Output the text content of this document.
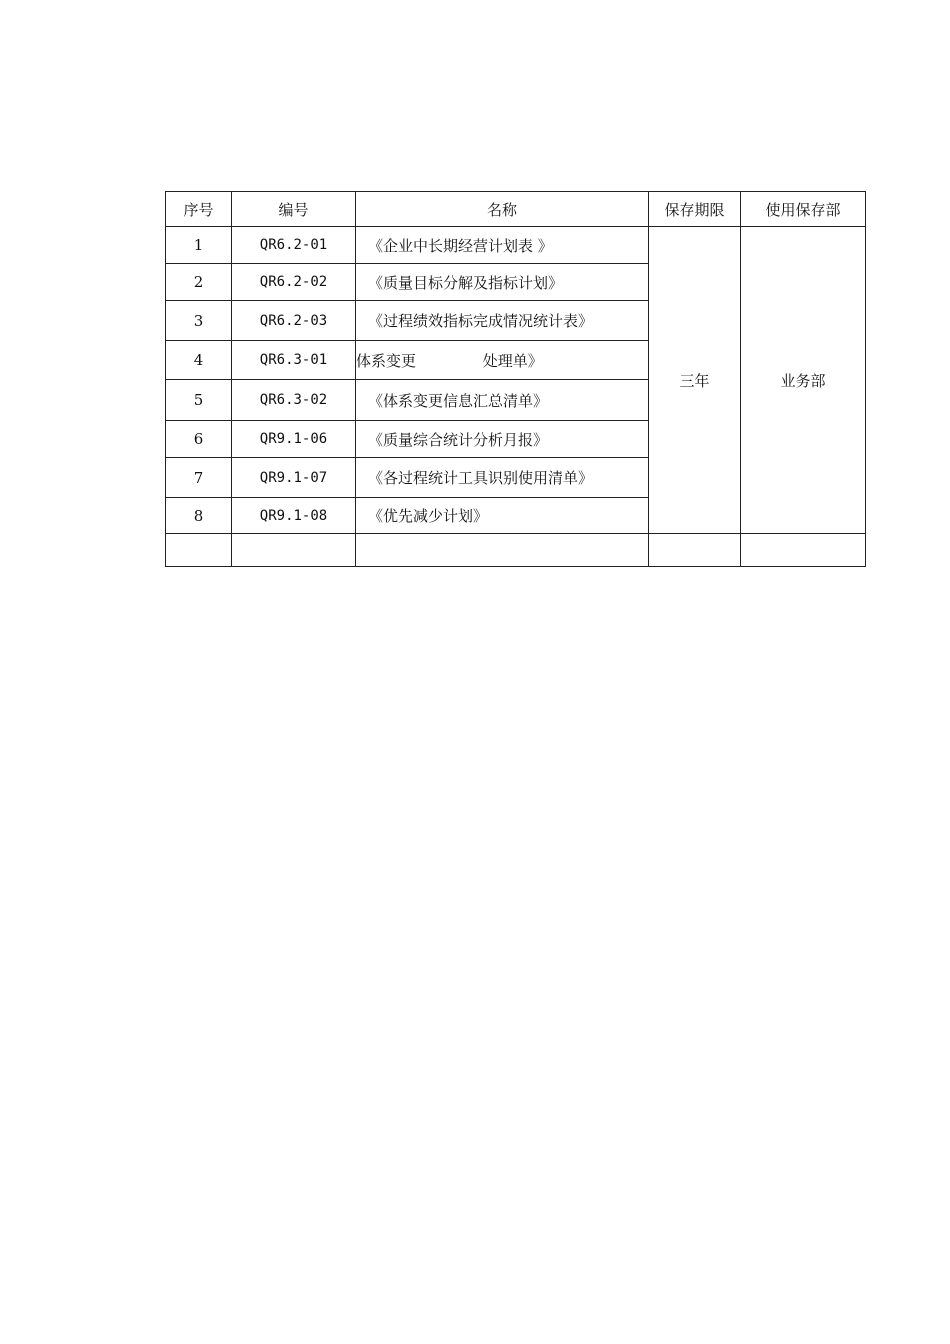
序号	编号	名称	保存期限	使用保存部
1	QR6.2-01	《企业中长期经营计划表 》	三年	业务部
2	QR6.2-02	《质量目标分解及指标计划》		
3	QR6.2-03	《过程绩效指标完成情况统计表》		
4	QR6.3-01	体系变更              处理单》		
5	QR6.3-02	《体系变更信息汇总清单》		
6	QR9.1-06	《质量综合统计分析月报》		
7	QR9.1-07	《各过程统计工具识别使用清单》		
8	QR9.1-08	《优先减少计划》		
